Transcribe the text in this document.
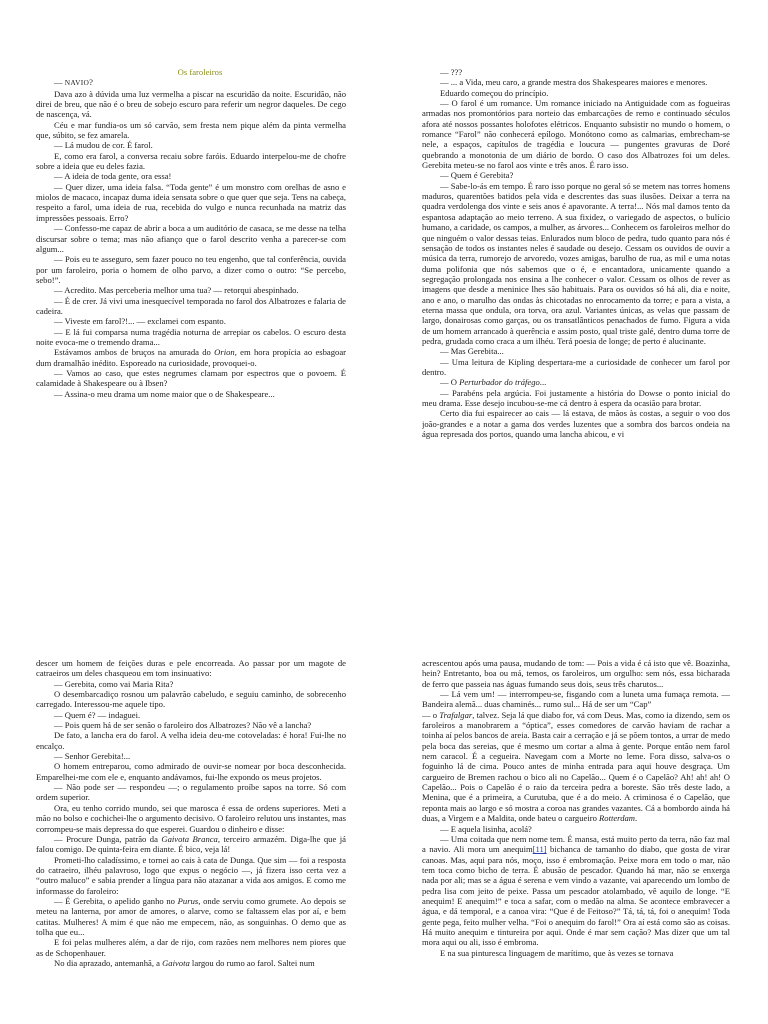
Os faroleiros

— NAVIO?

Dava azo à dúvida uma luz vermelha a piscar na escuridão da noite. Escuridão, não direi de breu, que não é o breu de sobejo escuro para referir um negror daqueles. De cego de nascença, vá.

Céu e mar fundia-os um só carvão, sem fresta nem pique além da pinta vermelha que, súbito, se fez amarela.

— Lá mudou de cor. É farol.

E, como era farol, a conversa recaiu sobre faróis. Eduardo interpelou-me de chofre sobre a ideia que eu deles fazia.

— A ideia de toda gente, ora essa!

— Quer dizer, uma ideia falsa. “Toda gente” é um monstro com orelhas de asno e miolos de macaco, incapaz duma ideia sensata sobre o que quer que seja. Tens na cabeça, respeito a farol, uma ideia de rua, recebida do vulgo e nunca recunhada na matriz das impressões pessoais. Erro?

— Confesso-me capaz de abrir a boca a um auditório de casaca, se me desse na telha discursar sobre o tema; mas não afianço que o farol descrito venha a parecer-se com algum...

— Pois eu te asseguro, sem fazer pouco no teu engenho, que tal conferência, ouvida por um faroleiro, poria o homem de olho parvo, a dizer como o outro: “Se percebo, sebo!”.

— Acredito. Mas perceberia melhor uma tua? — retorqui abespinhado.

— É de crer. Já vivi uma inesquecível temporada no farol dos Albatrozes e falaria de cadeira.

— Viveste em farol?!... — exclamei com espanto.

— E lá fui comparsa numa tragédia noturna de arrepiar os cabelos. O escuro desta noite evoca-me o tremendo drama...

Estávamos ambos de bruços na amurada do Orion, em hora propícia ao esbagoar dum dramalhão inédito. Esporeado na curiosidade, provoquei-o.

— Vamos ao caso, que estes negrumes clamam por espectros que o povoem. É calamidade à Shakespeare ou à Ibsen?

— Assina-o meu drama um nome maior que o de Shakespeare...

— ???

— ... a Vida, meu caro, a grande mestra dos Shakespeares maiores e menores.

Eduardo começou do princípio.

— O farol é um romance. Um romance iniciado na Antiguidade com as fogueiras armadas nos promontórios para norteio das embarcações de remo e continuado séculos afora até nossos possantes holofotes elétricos. Enquanto subsistir no mundo o homem, o romance “Farol” não conhecerá epílogo. Monótono como as calmarias, embrecham-se nele, a espaços, capítulos de tragédia e loucura — pungentes gravuras de Doré quebrando a monotonia de um diário de bordo. O caso dos Albatrozes foi um deles. Gerebita meteu-se no farol aos vinte e três anos. É raro isso.

— Quem é Gerebita?

— Sabe-lo-ás em tempo. É raro isso porque no geral só se metem nas torres homens maduros, quarentões batidos pela vida e descrentes das suas ilusões. Deixar a terra na quadra verdolenga dos vinte e seis anos é apavorante. A terra!... Nós mal damos tento da espantosa adaptação ao meio terreno. A sua fixidez, o variegado de aspectos, o bulício humano, a caridade, os campos, a mulher, as árvores... Conhecem os faroleiros melhor do que ninguém o valor dessas teias. Enlurados num bloco de pedra, tudo quanto para nós é sensação de todos os instantes neles é saudade ou desejo. Cessam os ouvidos de ouvir a música da terra, rumorejo de arvoredo, vozes amigas, barulho de rua, as mil e uma notas duma polifonia que nós sabemos que o é, e encantadora, unicamente quando a segregação prolongada nos ensina a lhe conhecer o valor. Cessam os olhos de rever as imagens que desde a meninice lhes são habituais. Para os ouvidos só há ali, dia e noite, ano e ano, o marulho das ondas às chicotadas no enrocamento da torre; e para a vista, a eterna massa que ondula, ora torva, ora azul. Variantes únicas, as velas que passam de largo, donairosas como garças, ou os transatlânticos penachados de fumo. Figura a vida de um homem arrancado à querência e assim posto, qual triste galé, dentro duma torre de pedra, grudada como craca a um ilhéu. Terá poesia de longe; de perto é alucinante.

— Mas Gerebita...

— Uma leitura de Kipling despertara-me a curiosidade de conhecer um farol por dentro.

— O Perturbador do tráfego...

— Parabéns pela argúcia. Foi justamente a história do Dowse o ponto inicial do meu drama. Esse desejo incubou-se-me cá dentro à espera da ocasião para brotar.

Certo dia fui espairecer ao cais — lá estava, de mãos às costas, a seguir o voo dos joão-grandes e a notar a gama dos verdes luzentes que a sombra dos barcos ondeia na água represada dos portos, quando uma lancha abicou, e vi

descer um homem de feições duras e pele encorreada. Ao passar por um magote de catraeiros um deles chasqueou em tom insinuativo:

— Gerebita, como vai Maria Rita?

O desembarcadiço rosnou um palavrão cabeludo, e seguiu caminho, de sobrecenho carregado. Interessou-me aquele tipo.

— Quem é? — indaguei.

— Pois quem há de ser senão o faroleiro dos Albatrozes? Não vê a lancha?

De fato, a lancha era do farol. A velha ideia deu-me cotoveladas: é hora! Fui-lhe no encalço.

— Senhor Gerebita!...

O homem entreparou, como admirado de ouvir-se nomear por boca desconhecida. Emparelhei-me com ele e, enquanto andávamos, fui-lhe expondo os meus projetos.

— Não pode ser — respondeu —; o regulamento proíbe sapos na torre. Só com ordem superior.

Ora, eu tenho corrido mundo, sei que marosca é essa de ordens superiores. Meti a mão no bolso e cochichei-lhe o argumento decisivo. O faroleiro relutou uns instantes, mas corrompeu-se mais depressa do que esperei. Guardou o dinheiro e disse:

— Procure Dunga, patrão da Gaivota Branca, terceiro armazém. Diga-lhe que já falou comigo. De quinta-feira em diante. É bico, veja lá!

Prometi-lho caladíssimo, e tornei ao cais à cata de Dunga. Que sim — foi a resposta do catraeiro, ilhéu palavroso, logo que expus o negócio —, já fizera isso certa vez a “outro maluco” e sabia prender a língua para não atazanar a vida aos amigos. E como me informasse do faroleiro:

— É Gerebita, o apelido ganho no Purus, onde serviu como grumete. Ao depois se meteu na lanterna, por amor de amores, o alarve, como se faltassem elas por aí, e bem catitas. Mulheres! A mim é que não me empecem, não, as songuinhas. O demo que as tolha que eu...

E foi pelas mulheres além, a dar de rijo, com razões nem melhores nem piores que as de Schopenhauer.

No dia aprazado, antemanhã, a Gaivota largou do rumo ao farol. Saltei num

acrescentou após uma pausa, mudando de tom: — Pois a vida é cá isto que vê. Boazinha, hein? Entretanto, boa ou má, temos, os faroleiros, um orgulho: sem nós, essa bicharada de ferro que passeia nas águas fumando seus dois, seus três charutos...

— Lá vem um! — interrompeu-se, fisgando com a luneta uma fumaça remota. — Bandeira alemã... duas chaminés... rumo sul... Há de ser um “Cap”

— o Trafalgar, talvez. Seja lá que diabo for, vá com Deus. Mas, como ia dizendo, sem os faroleiros a manobrarem a “óptica”, esses comedores de carvão haviam de rachar a toinha aí pelos bancos de areia. Basta cair a cerração e já se põem tontos, a urrar de medo pela boca das sereias, que é mesmo um cortar a alma à gente. Porque então nem farol nem caracol. É a cegueira. Navegam com a Morte no leme. Fora disso, salva-os o foguinho lá de cima. Pouco antes de minha entrada para aqui houve desgraça. Um cargueiro de Bremen rachou o bico ali no Capelão... Quem é o Capelão? Ah! ah! ah! O Capelão... Pois o Capelão é o raio da terceira pedra a boreste. São três deste lado, a Menina, que é a primeira, a Curutuba, que é a do meio. A criminosa é o Capelão, que reponta mais ao largo e só mostra a coroa nas grandes vazantes. Cá a bombordo ainda há duas, a Virgem e a Maldita, onde bateu o cargueiro Rotterdam.

— E aquela lisinha, acolá?

— Uma coitada que nem nome tem. É mansa, está muito perto da terra, não faz mal a navio. Ali mora um anequim[11] bichanca de tamanho do diabo, que gosta de virar canoas. Mas, aqui para nós, moço, isso é embromação. Peixe mora em todo o mar, não tem toca como bicho de terra. É abusão de pescador. Quando há mar, não se enxerga nada por ali; mas se a água é serena e vem vindo a vazante, vai aparecendo um lombo de pedra lisa com jeito de peixe. Passa um pescador atolambado, vê aquilo de longe. “E anequim! E anequim!” e toca a safar, com o medão na alma. Se acontece embravecer a água, e dá temporal, e a canoa vira: “Que é de Feitoso?” Tá, tá, tá, foi o anequim! Toda gente pega, feito mulher velha. “Foi o anequim do farol!” Ora aí está como são as coisas. Há muito anequim e tintureira por aqui. Onde é mar sem cação? Mas dizer que um tal mora aqui ou ali, isso é embroma.

E na sua pinturesca linguagem de marítimo, que às vezes se tornava
